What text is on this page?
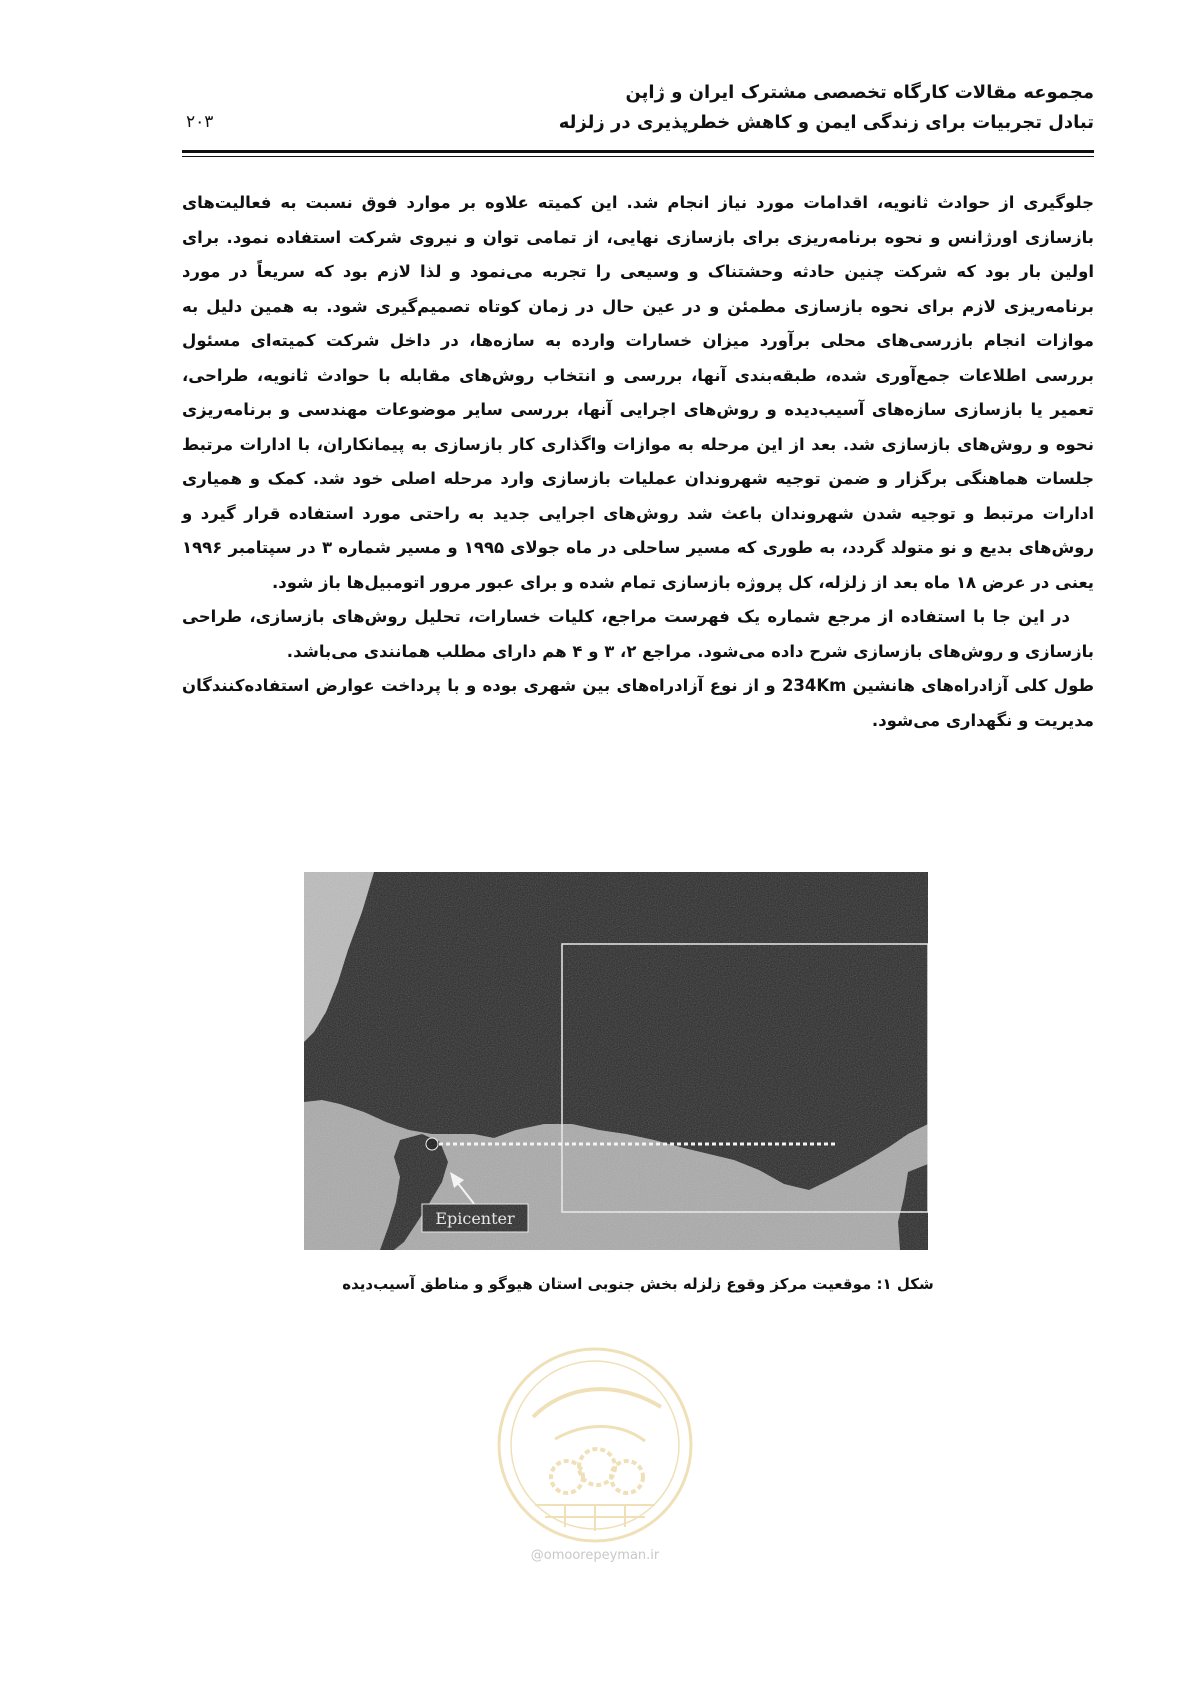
۲۰۳
مجموعه مقالات کارگاه تخصصی مشترک ایران و ژاپن
تبادل تجربیات برای زندگی ایمن و کاهش خطرپذیری در زلزله

جلوگیری از حوادث ثانویه، اقدامات مورد نیاز انجام شد. این کمیته علاوه بر موارد فوق نسبت به فعالیت‌های بازسازی اورژانس و نحوه برنامه‌ریزی برای بازسازی نهایی، از تمامی توان و نیروی شرکت استفاده نمود. برای اولین بار بود که شرکت چنین حادثه وحشتناک و وسیعی را تجربه می‌نمود و لذا لازم بود که سریعاً در مورد برنامه‌ریزی لازم برای نحوه بازسازی مطمئن و در عین حال در زمان کوتاه تصمیم‌گیری شود. به همین دلیل به موازات انجام بازرسی‌های محلی برآورد میزان خسارات وارده به سازه‌ها، در داخل شرکت کمیته‌ای مسئول بررسی اطلاعات جمع‌آوری شده، طبقه‌بندی آنها، بررسی و انتخاب روش‌های مقابله با حوادث ثانویه، طراحی، تعمیر یا بازسازی سازه‌های آسیب‌دیده و روش‌های اجرایی آنها، بررسی سایر موضوعات مهندسی و برنامه‌ریزی نحوه و روش‌های بازسازی شد. بعد از این مرحله به موازات واگذاری کار بازسازی به پیمانکاران، با ادارات مرتبط جلسات هماهنگی برگزار و ضمن توجیه شهروندان عملیات بازسازی وارد مرحله اصلی خود شد. کمک و همیاری ادارات مرتبط و توجیه شدن شهروندان باعث شد روش‌های اجرایی جدید به راحتی مورد استفاده قرار گیرد و روش‌های بدیع و نو متولد گردد، به طوری که مسیر ساحلی در ماه جولای ۱۹۹۵ و مسیر شماره ۳ در سپتامبر ۱۹۹۶ یعنی در عرض ۱۸ ماه بعد از زلزله، کل پروژه بازسازی تمام شده و برای عبور مرور اتومبیل‌ها باز شود.

در این جا با استفاده از مرجع شماره یک فهرست مراجع، کلیات خسارات، تحلیل روش‌های بازسازی، طراحی بازسازی و روش‌های بازسازی شرح داده می‌شود. مراجع ۲، ۳ و ۴ هم دارای مطلب همانندی می‌باشد.

طول کلی آزادراه‌های هانشین 234Km و از نوع آزادراه‌های بین شهری بوده و با پرداخت عوارض استفاده‌کنندگان مدیریت و نگهداری می‌شود.

شکل ۱: موقعیت مرکز وقوع زلزله بخش جنوبی استان هیوگو و مناطق آسیب‌دیده
@omoorepeyman.ir
